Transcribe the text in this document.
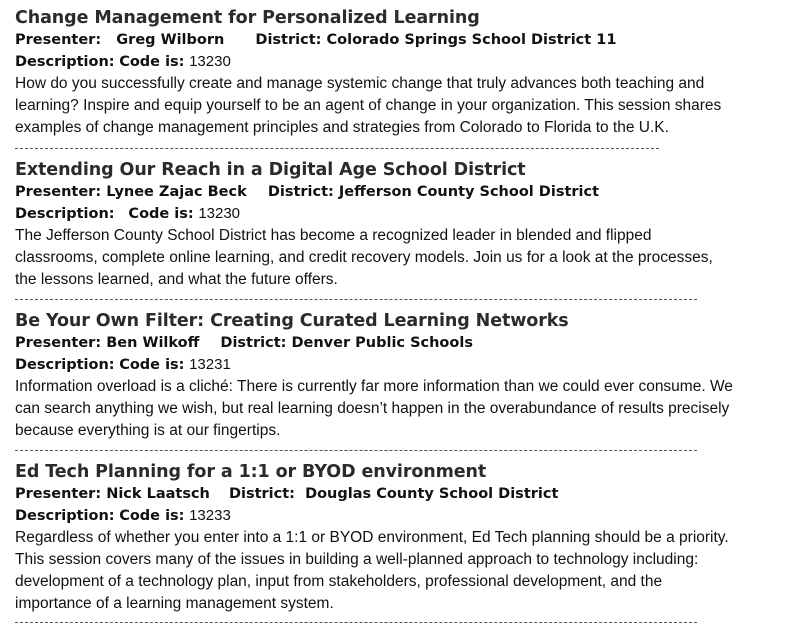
Change Management for Personalized Learning
Presenter: Greg Wilborn District: Colorado Springs School District 11
Description: Code is: 13230
How do you successfully create and manage systemic change that truly advances both teaching and
learning? Inspire and equip yourself to be an agent of change in your organization. This session shares
examples of change management principles and strategies from Colorado to Florida to the U.K.
Extending Our Reach in a Digital Age School District
Presenter: Lynee Zajac Beck District: Jefferson County School District
Description: Code is: 13230
The Jefferson County School District has become a recognized leader in blended and flipped
classrooms, complete online learning, and credit recovery models. Join us for a look at the processes,
the lessons learned, and what the future offers.
Be Your Own Filter: Creating Curated Learning Networks
Presenter: Ben Wilkoff District: Denver Public Schools
Description: Code is: 13231
Information overload is a cliché: There is currently far more information than we could ever consume. We
can search anything we wish, but real learning doesn’t happen in the overabundance of results precisely
because everything is at our fingertips.
Ed Tech Planning for a 1:1 or BYOD environment
Presenter: Nick Laatsch District: Douglas County School District
Description: Code is: 13233
Regardless of whether you enter into a 1:1 or BYOD environment, Ed Tech planning should be a priority.
This session covers many of the issues in building a well-planned approach to technology including:
development of a technology plan, input from stakeholders, professional development, and the
importance of a learning management system.
